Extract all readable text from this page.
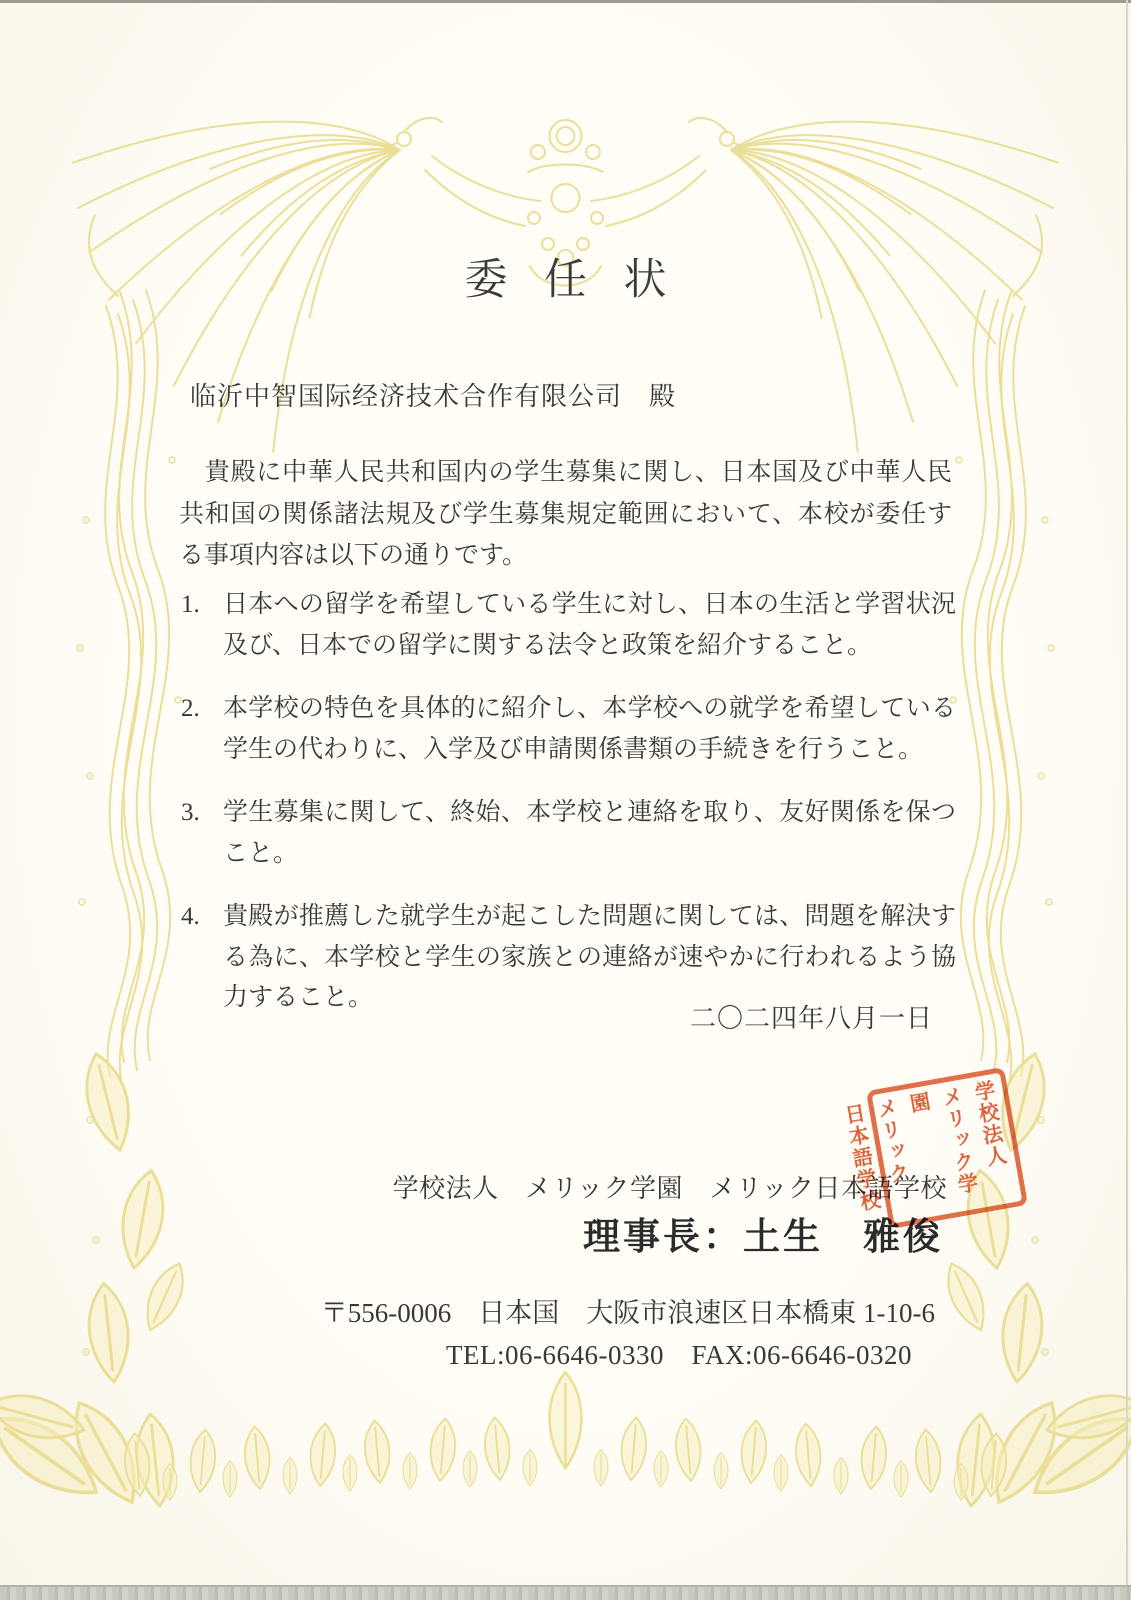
委任状
临沂中智国际经济技术合作有限公司　殿
　貴殿に中華人民共和国内の学生募集に関し、日本国及び中華人民共和国の関係諸法規及び学生募集規定範囲において、本校が委任する事項内容は以下の通りです。
1. 日本への留学を希望している学生に対し、日本の生活と学習状況及び、日本での留学に関する法令と政策を紹介すること。
2. 本学校の特色を具体的に紹介し、本学校への就学を希望している学生の代わりに、入学及び申請関係書類の手続きを行うこと。
3. 学生募集に関して、終始、本学校と連絡を取り、友好関係を保つこと。
4. 貴殿が推薦した就学生が起こした問題に関しては、問題を解決する為に、本学校と学生の家族との連絡が速やかに行われるよう協力すること。
二〇二四年八月一日
学校法人　メリック学園　メリック日本語学校
理事長：土生　雅俊
〒556-0006　日本国　大阪市浪速区日本橋東 1-10-6
TEL:06-6646-0330　FAX:06-6646-0320
学校法人
メリック学園
メリック
日本語学校
